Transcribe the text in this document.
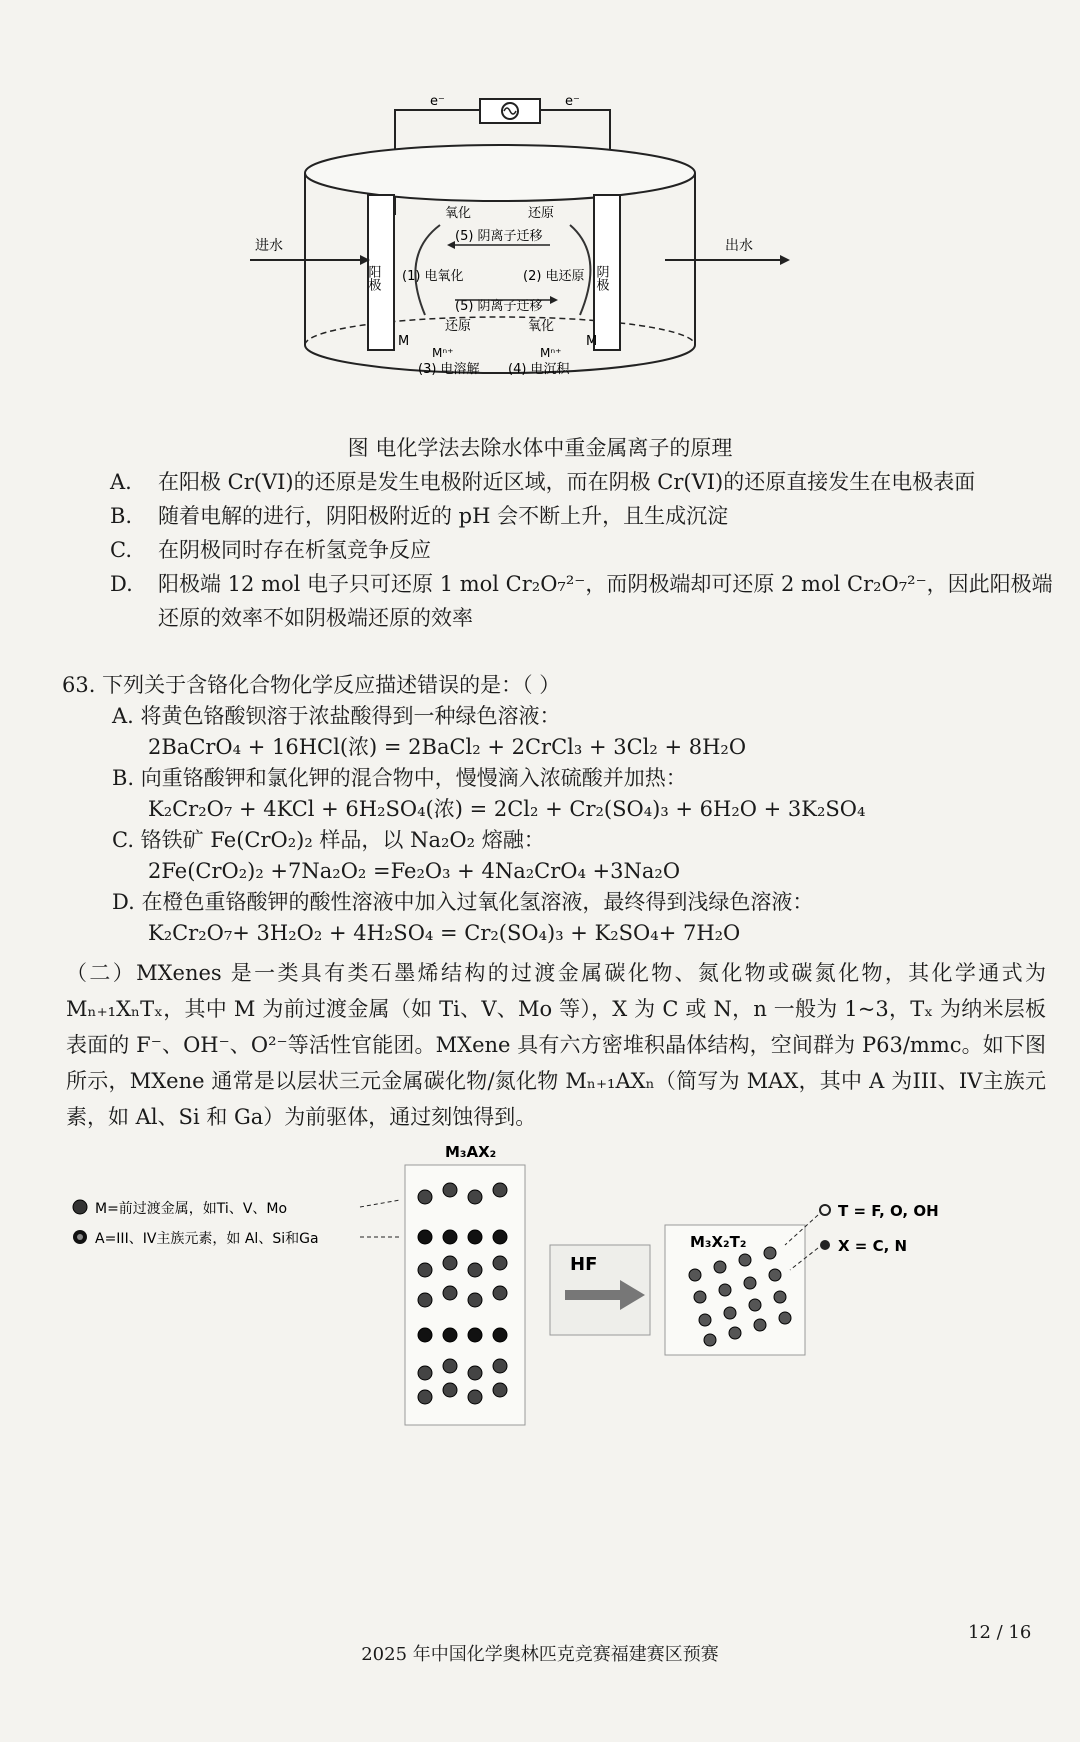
e⁻	e⁻
阳极	阴极
进水	出水
氧化	还原
(5) 阴离子迁移
(1) 电氧化	(2) 电还原
(5) 阴离子迁移
还原	氧化
M	M
Mⁿ⁺	Mⁿ⁺
(3) 电溶解 (4) 电沉积
图 电化学法去除水体中重金属离子的原理
A. 在阳极 Cr(VI)的还原是发生电极附近区域，而在阴极 Cr(VI)的还原直接发生在电极表面
B. 随着电解的进行，阴阳极附近的 pH 会不断上升，且生成沉淀
C. 在阴极同时存在析氢竞争反应
D. 阳极端 12 mol 电子只可还原 1 mol Cr₂O₇²⁻，而阴极端却可还原 2 mol Cr₂O₇²⁻，因此阳极端
还原的效率不如阴极端还原的效率
63. 下列关于含铬化合物化学反应描述错误的是：（ ）
A. 将黄色铬酸钡溶于浓盐酸得到一种绿色溶液：
2BaCrO₄ + 16HCl(浓) = 2BaCl₂ + 2CrCl₃ + 3Cl₂ + 8H₂O
B. 向重铬酸钾和氯化钾的混合物中，慢慢滴入浓硫酸并加热：
K₂Cr₂O₇ + 4KCl + 6H₂SO₄(浓) = 2Cl₂ + Cr₂(SO₄)₃ + 6H₂O + 3K₂SO₄
C. 铬铁矿 Fe(CrO₂)₂ 样品，以 Na₂O₂ 熔融：
2Fe(CrO₂)₂ +7Na₂O₂ =Fe₂O₃ + 4Na₂CrO₄ +3Na₂O
D. 在橙色重铬酸钾的酸性溶液中加入过氧化氢溶液，最终得到浅绿色溶液：
K₂Cr₂O₇+ 3H₂O₂ + 4H₂SO₄ = Cr₂(SO₄)₃ + K₂SO₄+ 7H₂O
（二）MXenes 是一类具有类石墨烯结构的过渡金属碳化物、氮化物或碳氮化物，其化学通式为 Mₙ₊₁XₙTₓ，其中 M 为前过渡金属（如 Ti、V、Mo 等），X 为 C 或 N，n 一般为 1~3，Tₓ 为纳米层板表面的 F⁻、OH⁻、O²⁻等活性官能团。MXene 具有六方密堆积晶体结构，空间群为 P63/mmc。如下图所示，MXene 通常是以层状三元金属碳化物/氮化物 Mₙ₊₁AXₙ（简写为 MAX，其中 A 为III、IV主族元素，如 Al、Si 和 Ga）为前驱体，通过刻蚀得到。
M=前过渡金属，如Ti、V、Mo
A=III、IV主族元素，如 Al、Si和Ga
M₃AX₂
HF
M₃X₂T₂
T = F, O, OH
X = C, N
12 / 16
2025 年中国化学奥林匹克竞赛福建赛区预赛
